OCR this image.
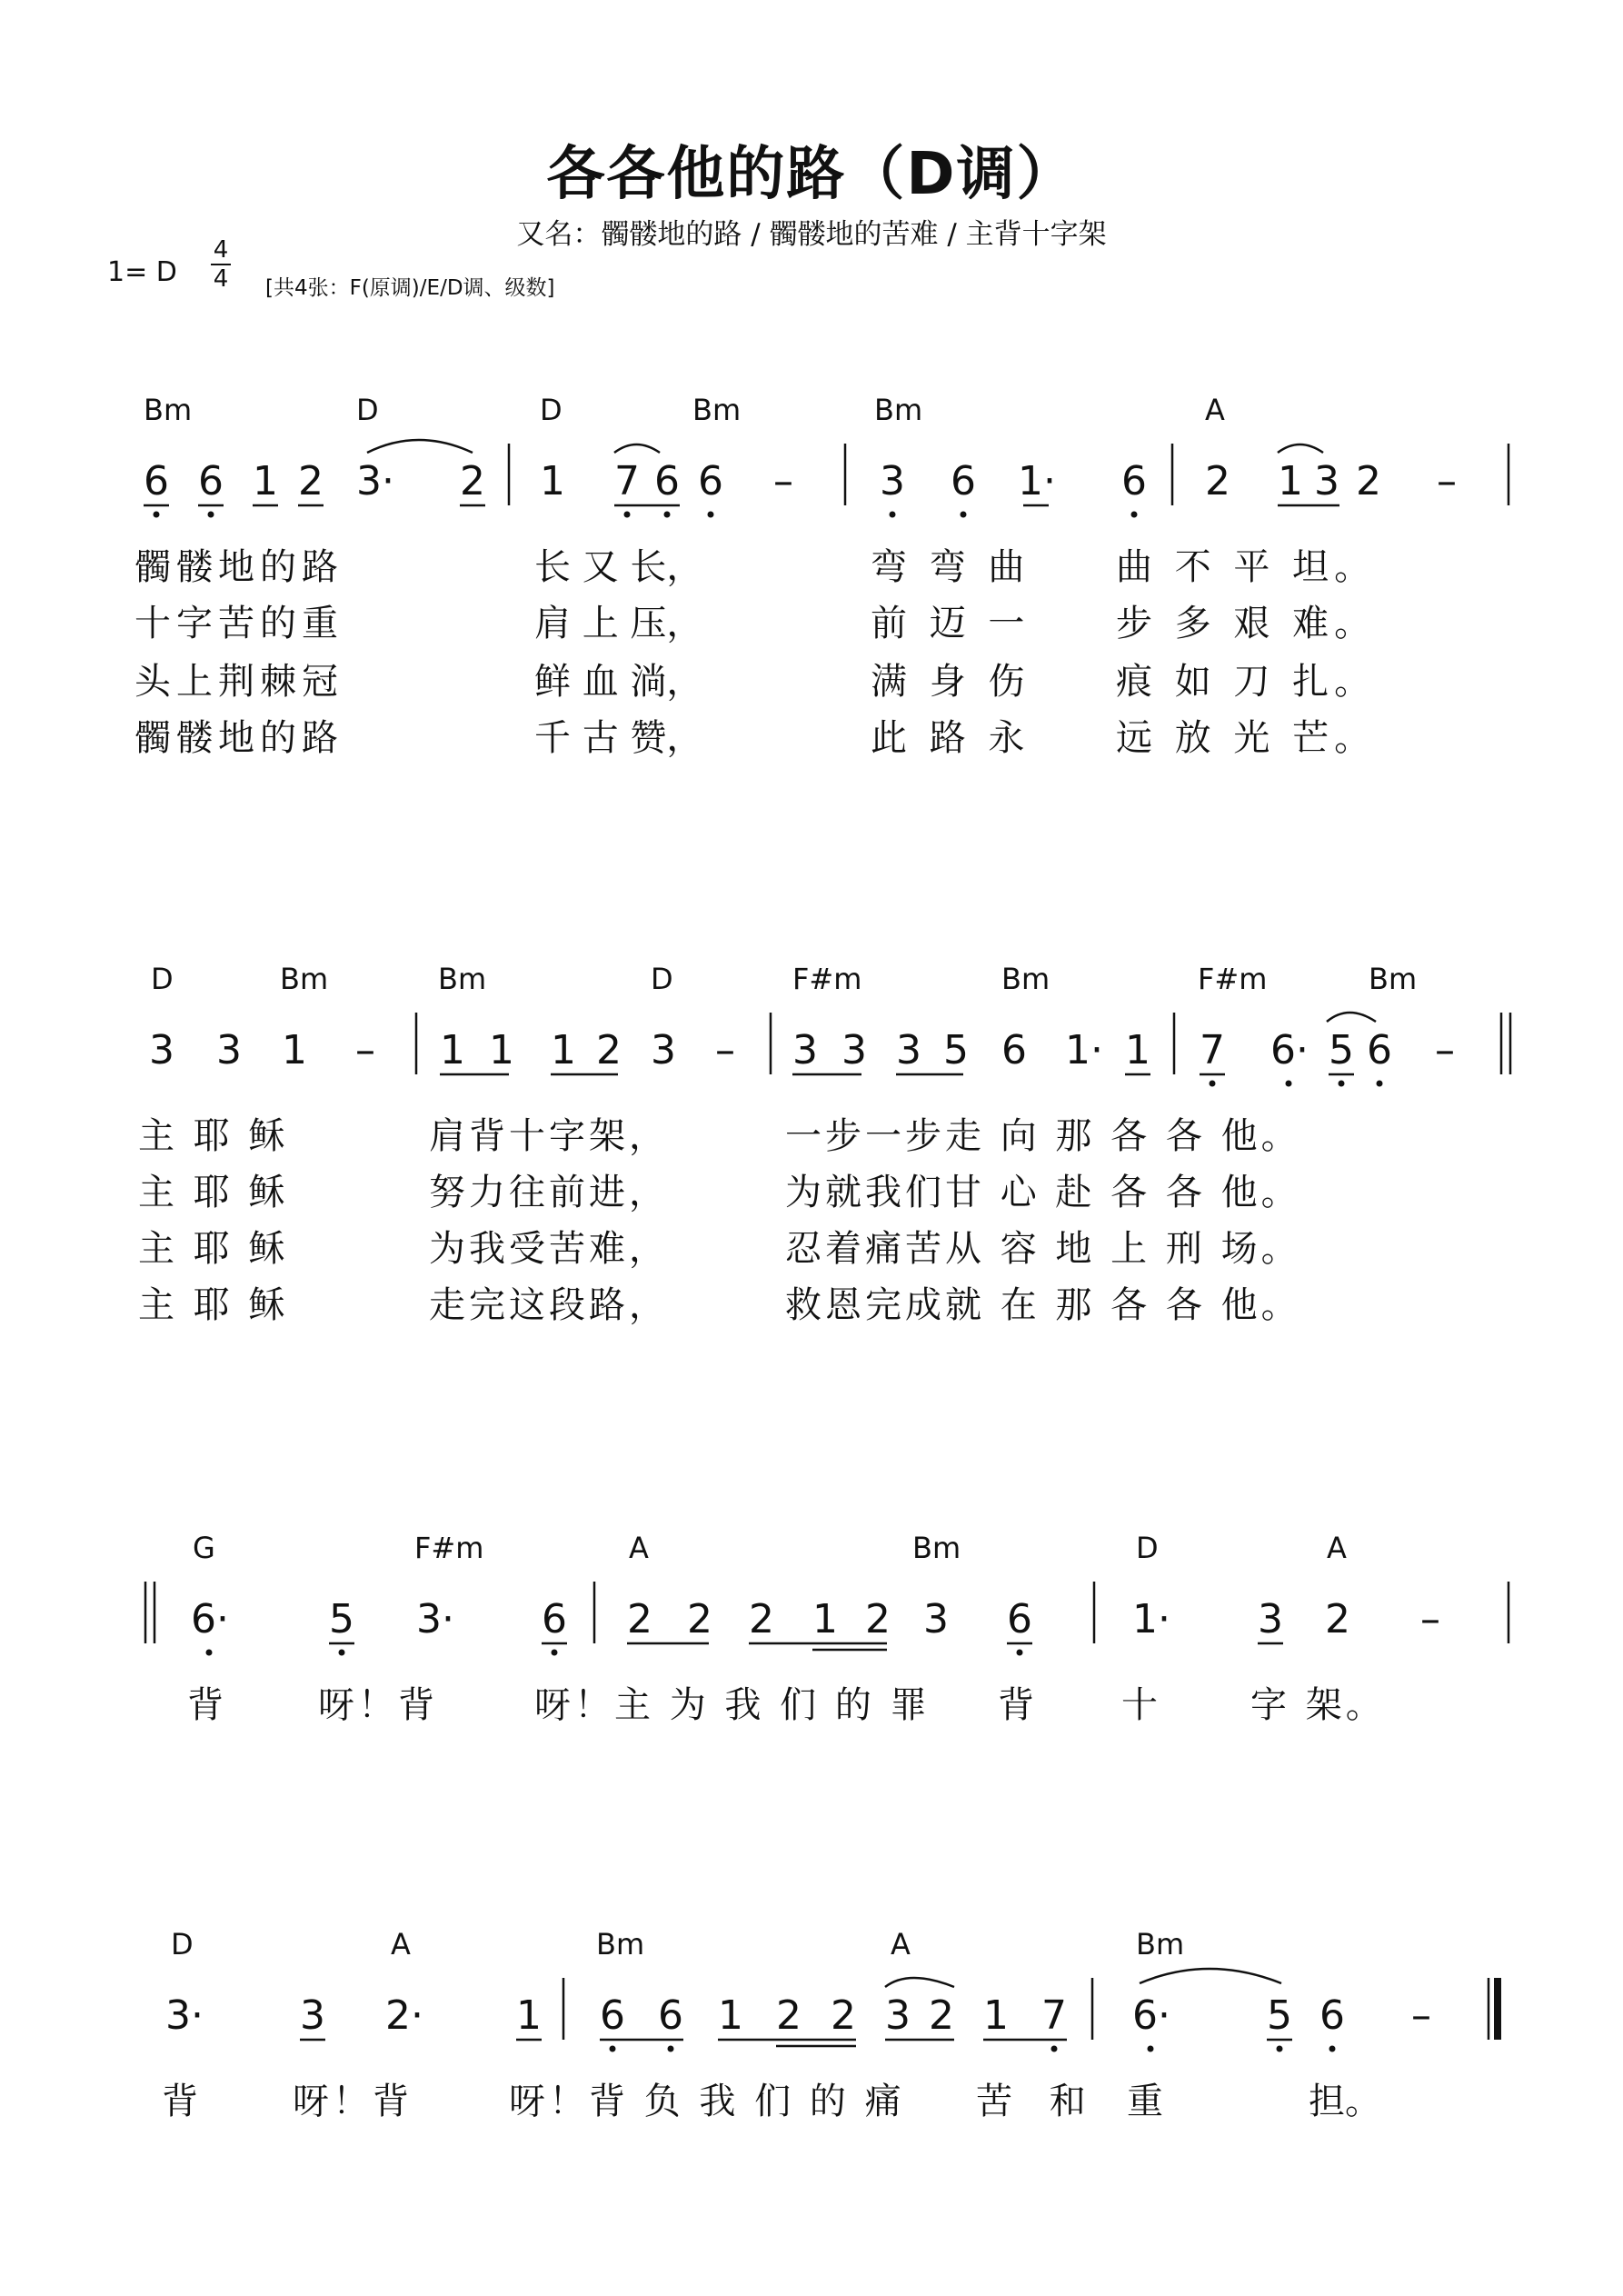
各各他的路（D调）
又名：髑髅地的路 / 髑髅地的苦难 / 主背十字架
1= D
4
4 [共4张：F(原调)/E/D调、级数]
Bm	D	D	Bm	Bm	A
6 6 1 2 3· 2 1 7 6 6 – 3 6 1· 6 2 1 3 2 –
髑髅地的路	长 又 长，	弯 弯 曲 曲 不 平 坦。
十字苦的重	肩 上 压，	前 迈 一 步 多 艰 难。
头上荆棘冠	鲜 血 淌，	满 身 伤 痕 如 刀 扎。
髑髅地的路	千 古 赞，	此 路 永 远 放 光 芒。
D	Bm	Bm	D	F#m	Bm	F#m	Bm
3 3 1 – 1 1 1 2 3 – 3 3 3 5 6 1· 1 7 6· 5 6 –
主 耶 稣	肩背十字架，	一步一步走 向 那 各 各 他。
主 耶 稣	努力往前进，	为就我们甘 心 赴 各 各 他。
主 耶 稣	为我受苦难，	忍着痛苦从 容 地 上 刑 场。
主 耶 稣	走完这段路，	救恩完成就 在 那 各 各 他。
G	F#m	A	Bm	D	A
6·	5 3· 6 2 2 2 1 2 3 6	1· 3 2 –
背	呀！背	呀！主 为 我 们 的 罪 背 十	字 架。
D	A	Bm	A	Bm
3· 3 2· 1 6 6 1 2 2 3 2 1 7 6· 5 6 –
背	呀！背	呀！背 负 我 们 的 痛 苦 和 重	担。
